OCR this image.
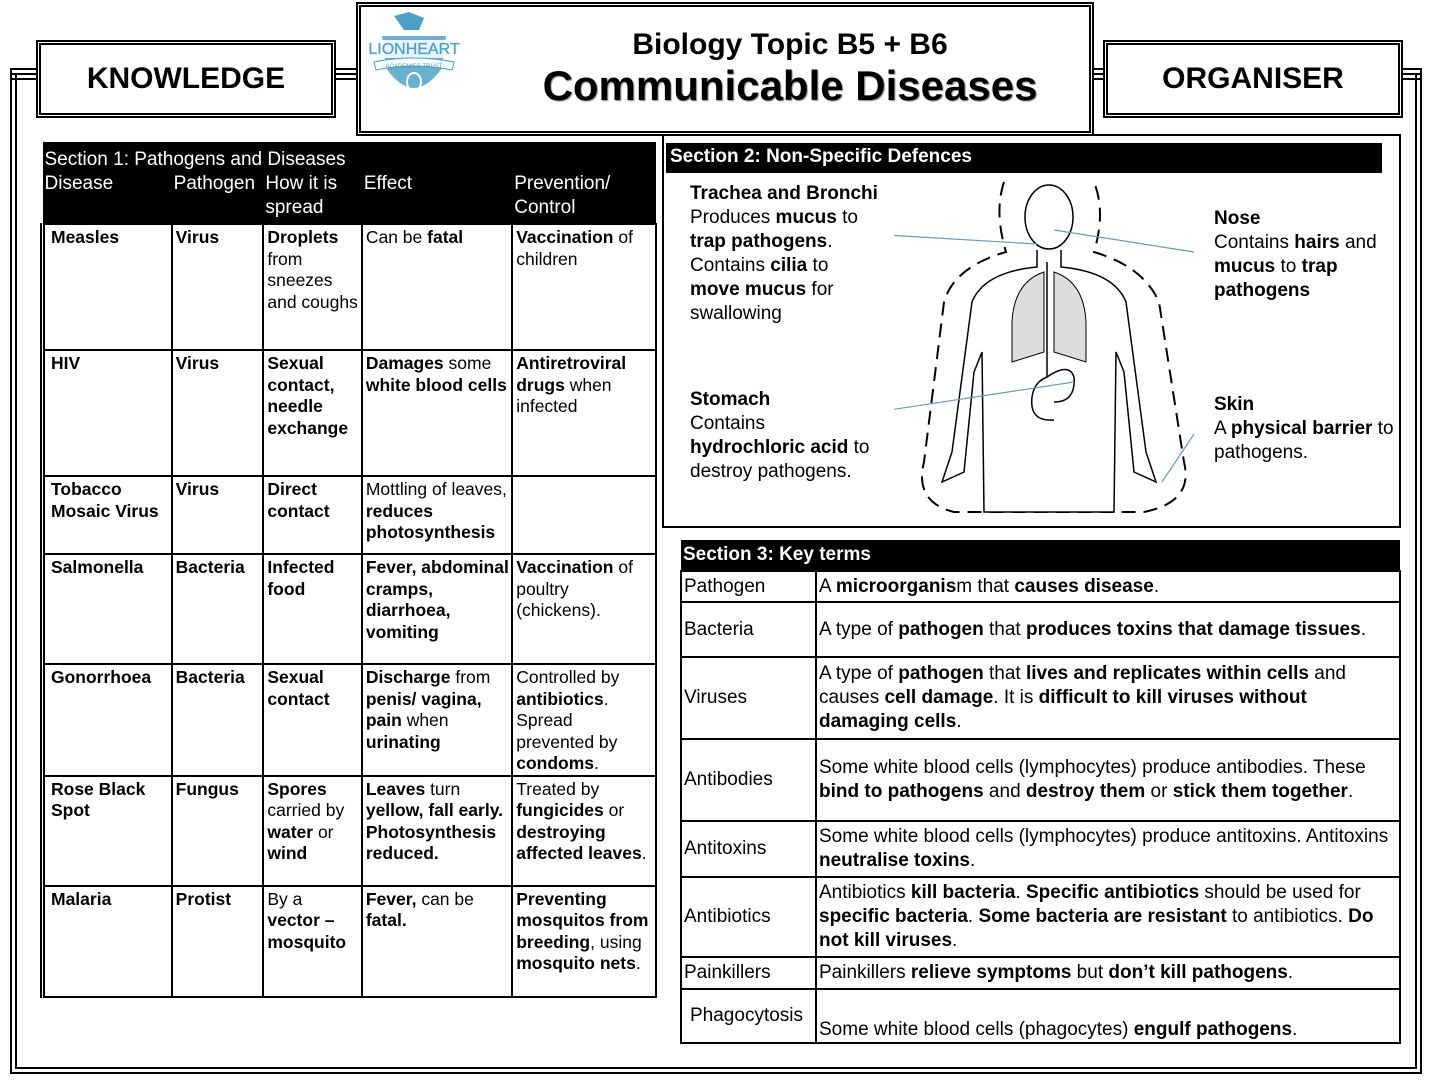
KNOWLEDGE	ORGANISER
Biology Topic B5 + B6
Communicable Diseases
LIONHEART
ACADEMIES TRUST
Section 1: Pathogens and Diseases				
Disease	Pathogen	How it is spread	Effect	Prevention/ Control
Measles	Virus	Droplets from sneezes and coughs	Can be fatal	Vaccination of children
HIV	Virus	Sexual contact, needle exchange	Damages some white blood cells	Antiretroviral drugs when infected
Tobacco Mosaic Virus	Virus	Direct contact	Mottling of leaves, reduces photosynthesis	
Salmonella	Bacteria	Infected food	Fever, abdominal cramps, diarrhoea, vomiting	Vaccination of poultry (chickens).
Gonorrhoea	Bacteria	Sexual contact	Discharge from penis/ vagina, pain when urinating	Controlled by antibiotics. Spread prevented by condoms.
Rose Black Spot	Fungus	Spores carried by water or wind	Leaves turn yellow, fall early. Photosynthesis reduced.	Treated by fungicides or destroying affected leaves.
Malaria	Protist	By a vector – mosquito	Fever, can be fatal.	Preventing mosquitos from breeding, using mosquito nets.
Section 2: Non-Specific Defences
Trachea and Bronchi
Produces mucus to trap pathogens. Contains cilia to move mucus for swallowing
Nose
Contains hairs and mucus to trap pathogens
Stomach
Contains hydrochloric acid to destroy pathogens.
Skin
A physical barrier to pathogens.
Section 3: Key terms	
Pathogen	A microorganism that causes disease.
Bacteria	A type of pathogen that produces toxins that damage tissues.
Viruses	A type of pathogen that lives and replicates within cells and causes cell damage. It is difficult to kill viruses without damaging cells.
Antibodies	Some white blood cells (lymphocytes) produce antibodies. These bind to pathogens and destroy them or stick them together.
Antitoxins	Some white blood cells (lymphocytes) produce antitoxins. Antitoxins neutralise toxins.
Antibiotics	Antibiotics kill bacteria. Specific antibiotics should be used for specific bacteria. Some bacteria are resistant to antibiotics. Do not kill viruses.
Painkillers	Painkillers relieve symptoms but don’t kill pathogens.
Phagocytosis	Some white blood cells (phagocytes) engulf pathogens.
